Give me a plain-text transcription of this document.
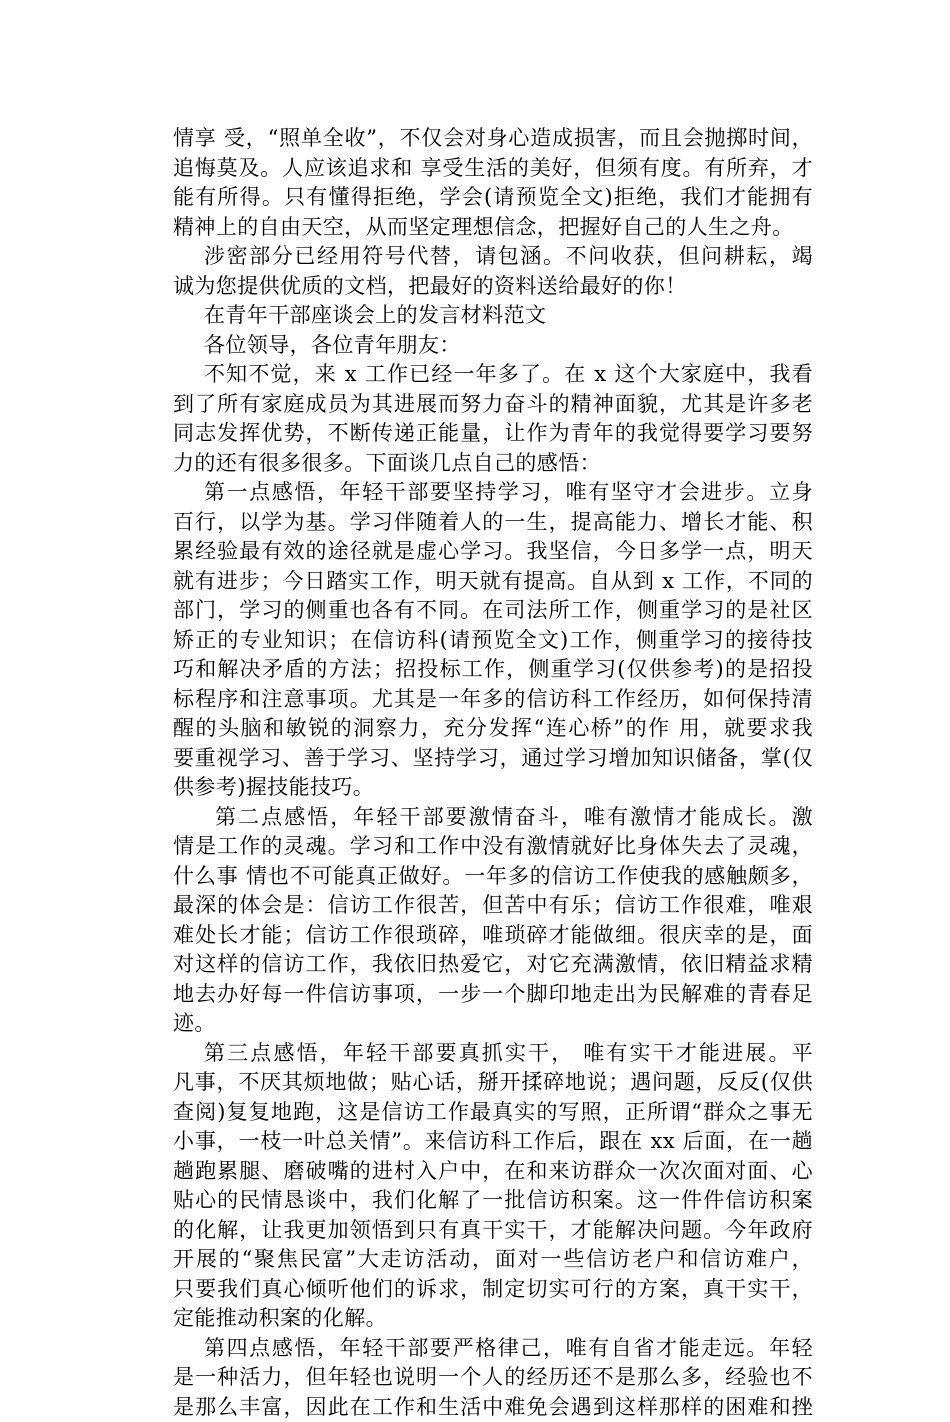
情享 受，“照单全收”，不仅会对身心造成损害，而且会抛掷时间，
追悔莫及。人应该追求和 享受生活的美好，但须有度。有所弃，才
能有所得。只有懂得拒绝，学会(请预览全文)拒绝，我们才能拥有
精神上的自由天空，从而坚定理想信念，把握好自己的人生之舟。
涉密部分已经用符号代替，请包涵。不问收获，但问耕耘，竭
诚为您提供优质的文档，把最好的资料送给最好的你！
在青年干部座谈会上的发言材料范文
各位领导，各位青年朋友：
不知不觉，来 x 工作已经一年多了。在 x 这个大家庭中，我看
到了所有家庭成员为其进展而努力奋斗的精神面貌，尤其是许多老
同志发挥优势，不断传递正能量，让作为青年的我觉得要学习要努
力的还有很多很多。下面谈几点自己的感悟：
第一点感悟，年轻干部要坚持学习，唯有坚守才会进步。立身
百行，以学为基。学习伴随着人的一生，提高能力、增长才能、积
累经验最有效的途径就是虚心学习。我坚信，今日多学一点，明天
就有进步；今日踏实工作，明天就有提高。自从到 x 工作，不同的
部门，学习的侧重也各有不同。在司法所工作，侧重学习的是社区
矫正的专业知识；在信访科(请预览全文)工作，侧重学习的接待技
巧和解决矛盾的方法；招投标工作，侧重学习(仅供参考)的是招投
标程序和注意事项。尤其是一年多的信访科工作经历，如何保持清
醒的头脑和敏锐的洞察力，充分发挥“连心桥”的作 用，就要求我
要重视学习、善于学习、坚持学习，通过学习增加知识储备，掌(仅
供参考)握技能技巧。
第二点感悟，年轻干部要激情奋斗，唯有激情才能成长。激
情是工作的灵魂。学习和工作中没有激情就好比身体失去了灵魂，
什么事 情也不可能真正做好。一年多的信访工作使我的感触颇多，
最深的体会是：信访工作很苦，但苦中有乐；信访工作很难，唯艰
难处长才能；信访工作很琐碎，唯琐碎才能做细。很庆幸的是，面
对这样的信访工作，我依旧热爱它，对它充满激情，依旧精益求精
地去办好每一件信访事项，一步一个脚印地走出为民解难的青春足
迹。
第三点感悟，年轻干部要真抓实干， 唯有实干才能进展。平
凡事，不厌其烦地做；贴心话，掰开揉碎地说；遇问题，反反(仅供
查阅)复复地跑，这是信访工作最真实的写照，正所谓“群众之事无
小事，一枝一叶总关情”。来信访科工作后，跟在 xx 后面，在一趟
趟跑累腿、磨破嘴的进村入户中，在和来访群众一次次面对面、心
贴心的民情恳谈中，我们化解了一批信访积案。这一件件信访积案
的化解，让我更加领悟到只有真干实干，才能解决问题。今年政府
开展的“聚焦民富”大走访活动，面对一些信访老户和信访难户，
只要我们真心倾听他们的诉求，制定切实可行的方案，真干实干，
定能推动积案的化解。
第四点感悟，年轻干部要严格律己，唯有自省才能走远。年轻
是一种活力，但年轻也说明一个人的经历还不是那么多，经验也不
是那么丰富，因此在工作和生活中难免会遇到这样那样的困难和挫
